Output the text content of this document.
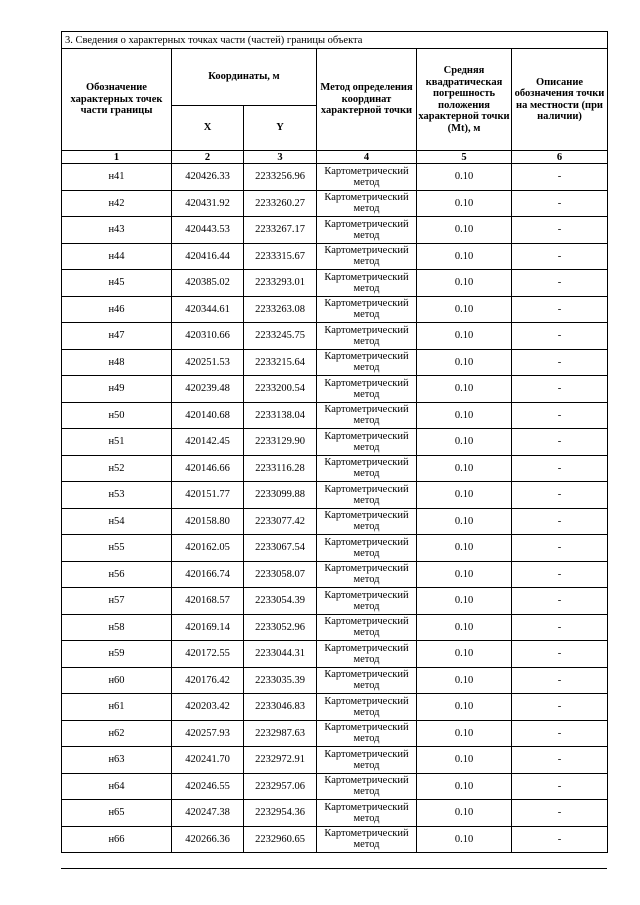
3. Сведения о характерных точках части (частей) границы объекта					
Обозначение характерных точек части границы	Координаты, м		Метод определения координат характерной точки	Средняя квадратическая погрешность положения характерной точки (Mt), м	Описание обозначения точки на местности (при наличии)
	X	Y			
1	2	3	4	5	6
н41	420426.33	2233256.96	Картометрический метод	0.10	-
н42	420431.92	2233260.27	Картометрический метод	0.10	-
н43	420443.53	2233267.17	Картометрический метод	0.10	-
н44	420416.44	2233315.67	Картометрический метод	0.10	-
н45	420385.02	2233293.01	Картометрический метод	0.10	-
н46	420344.61	2233263.08	Картометрический метод	0.10	-
н47	420310.66	2233245.75	Картометрический метод	0.10	-
н48	420251.53	2233215.64	Картометрический метод	0.10	-
н49	420239.48	2233200.54	Картометрический метод	0.10	-
н50	420140.68	2233138.04	Картометрический метод	0.10	-
н51	420142.45	2233129.90	Картометрический метод	0.10	-
н52	420146.66	2233116.28	Картометрический метод	0.10	-
н53	420151.77	2233099.88	Картометрический метод	0.10	-
н54	420158.80	2233077.42	Картометрический метод	0.10	-
н55	420162.05	2233067.54	Картометрический метод	0.10	-
н56	420166.74	2233058.07	Картометрический метод	0.10	-
н57	420168.57	2233054.39	Картометрический метод	0.10	-
н58	420169.14	2233052.96	Картометрический метод	0.10	-
н59	420172.55	2233044.31	Картометрический метод	0.10	-
н60	420176.42	2233035.39	Картометрический метод	0.10	-
н61	420203.42	2233046.83	Картометрический метод	0.10	-
н62	420257.93	2232987.63	Картометрический метод	0.10	-
н63	420241.70	2232972.91	Картометрический метод	0.10	-
н64	420246.55	2232957.06	Картометрический метод	0.10	-
н65	420247.38	2232954.36	Картометрический метод	0.10	-
н66	420266.36	2232960.65	Картометрический метод	0.10	-
